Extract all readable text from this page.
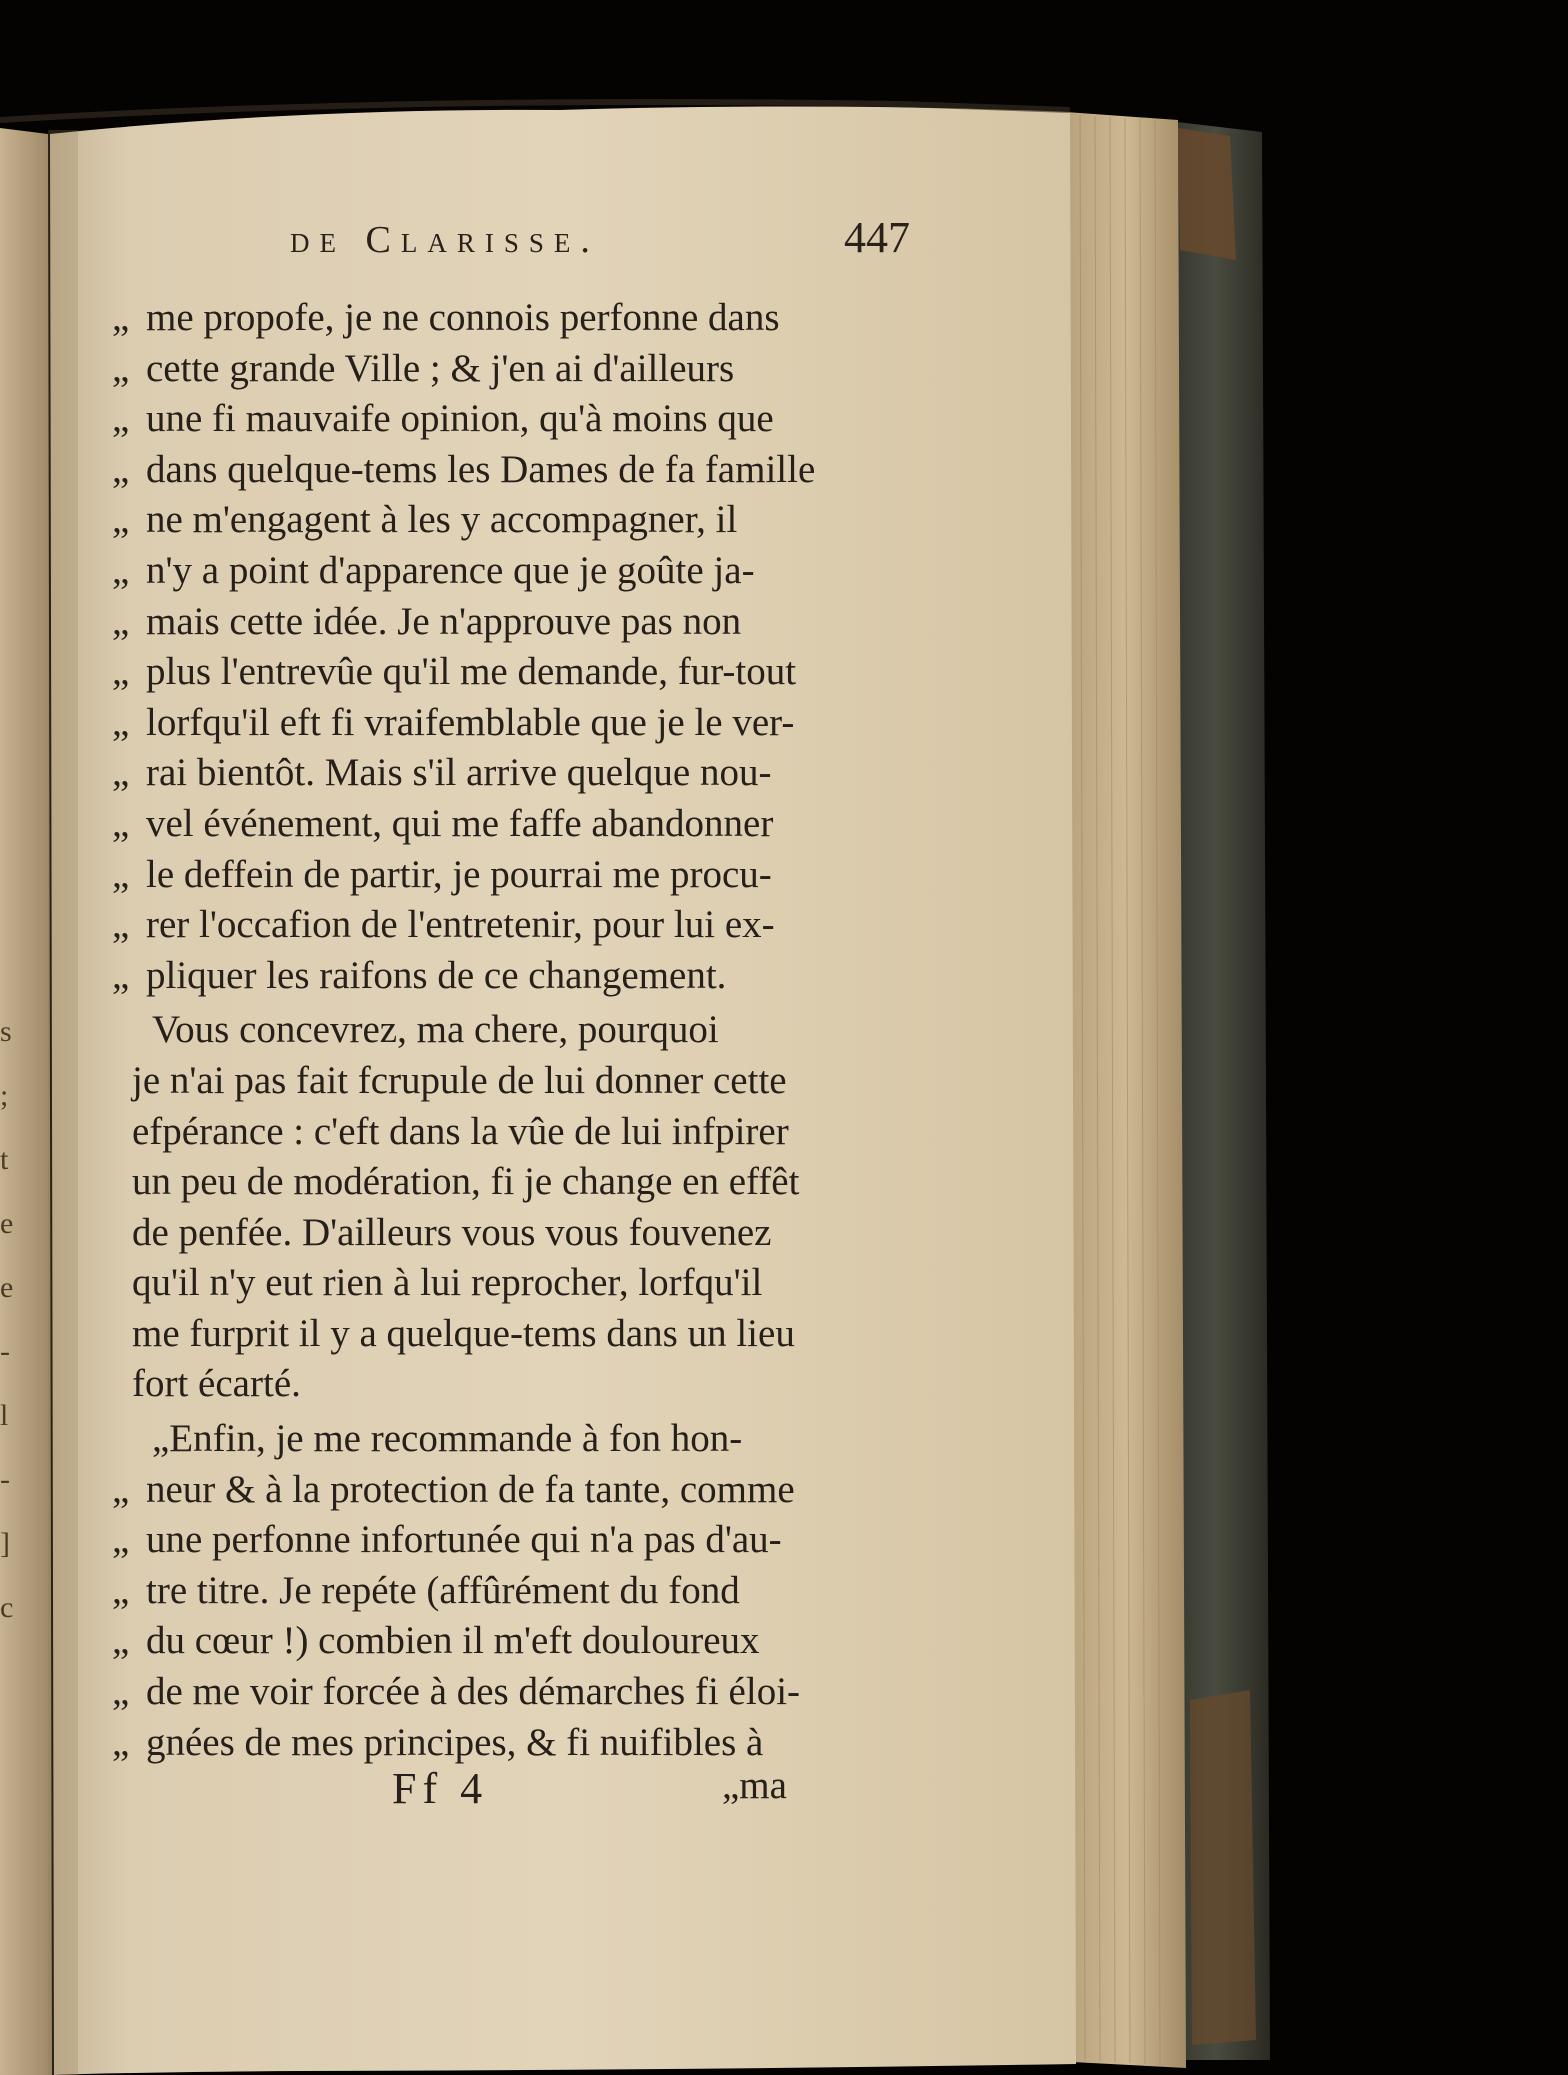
de Clarisse.	447
„ me propofe, je ne connois perfonne dans
„ cette grande Ville ; & j'en ai d'ailleurs
„ une fi mauvaife opinion, qu'à moins que
„ dans quelque-tems les Dames de fa famille
„ ne m'engagent à les y accompagner, il
„ n'y a point d'apparence que je goûte ja-
„ mais cette idée. Je n'approuve pas non
„ plus l'entrevûe qu'il me demande, fur-tout
„ lorfqu'il eft fi vraifemblable que je le ver-
„ rai bientôt. Mais s'il arrive quelque nou-
„ vel événement, qui me faffe abandonner
„ le deffein de partir, je pourrai me procu-
„ rer l'occafion de l'entretenir, pour lui ex-
„ pliquer les raifons de ce changement.
Vous concevrez, ma chere, pourquoi
je n'ai pas fait fcrupule de lui donner cette
efpérance : c'eft dans la vûe de lui infpirer
un peu de modération, fi je change en effêt
de penfée. D'ailleurs vous vous fouvenez
qu'il n'y eut rien à lui reprocher, lorfqu'il
me furprit il y a quelque-tems dans un lieu
fort écarté.
„Enfin, je me recommande à fon hon-
„ neur & à la protection de fa tante, comme
„ une perfonne infortunée qui n'a pas d'au-
„ tre titre. Je repéte (affûrément du fond
„ du cœur !) combien il m'eft douloureux
„ de me voir forcée à des démarches fi éloi-
„ gnées de mes principes, & fi nuifibles à
Ff 4	„ma
s
;
t
e
e
-
l
-
]
c
